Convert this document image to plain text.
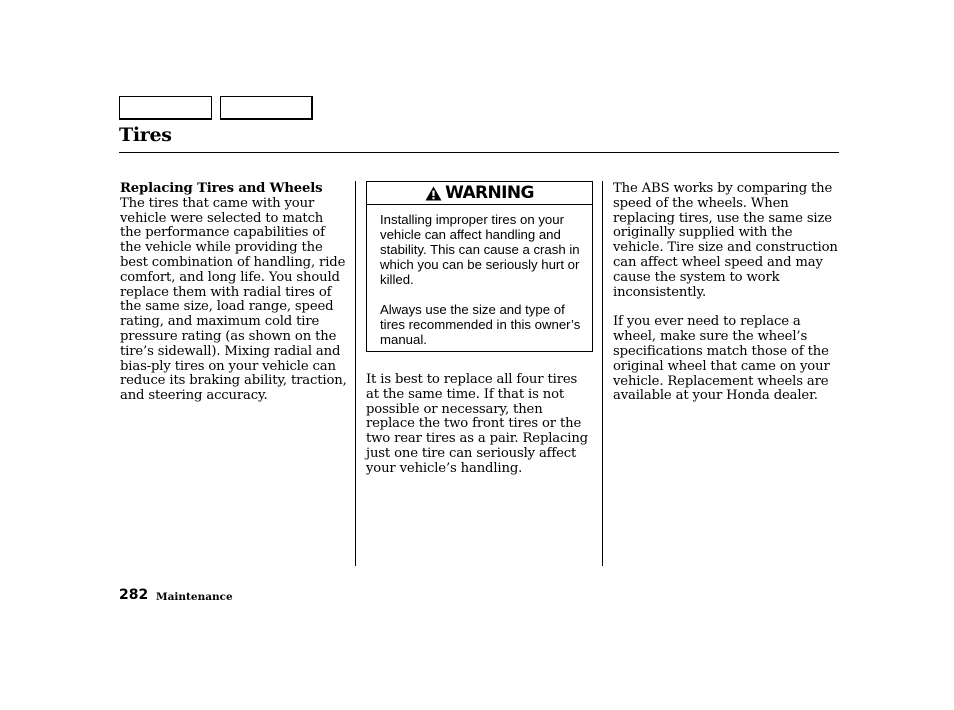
Tires
Replacing Tires and Wheels
The tires that came with your vehicle were selected to match the performance capabilities of the vehicle while providing the best combination of handling, ride comfort, and long life. You should replace them with radial tires of the same size, load range, speed rating, and maximum cold tire pressure rating (as shown on the tire’s sidewall). Mixing radial and bias-ply tires on your vehicle can reduce its braking ability, traction, and steering accuracy.
WARNING

Installing improper tires on your vehicle can affect handling and stability. This can cause a crash in which you can be seriously hurt or killed.

Always use the size and type of tires recommended in this owner’s manual.

It is best to replace all four tires at the same time. If that is not possible or necessary, then replace the two front tires or the two rear tires as a pair. Replacing just one tire can seriously affect your vehicle’s handling.

The ABS works by comparing the speed of the wheels. When replacing tires, use the same size originally supplied with the vehicle. Tire size and construction can affect wheel speed and may cause the system to work inconsistently.

If you ever need to replace a wheel, make sure the wheel’s specifications match those of the original wheel that came on your vehicle. Replacement wheels are available at your Honda dealer.

282 Maintenance
